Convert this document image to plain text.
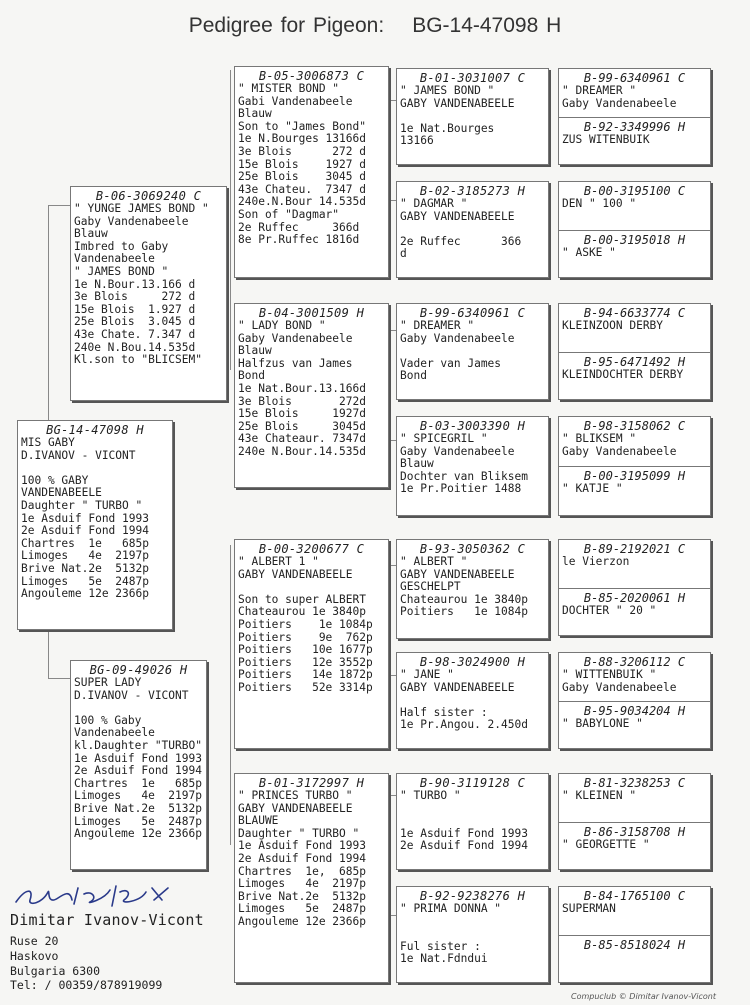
Pedigree for Pigeon: BG-14-47098 H
BG-14-47098 H
MIS GABY
D.IVANOV - VICONT

100 % GABY
VANDENABEELE
Daughter " TURBO "
1e Asduif Fond 1993
2e Asduif Fond 1994
Chartres  1e   685p
Limoges   4e  2197p
Brive Nat.2e  5132p
Limoges   5e  2487p
Angouleme 12e 2366p
B-06-3069240 C
" YUNGE JAMES BOND "
Gaby Vandenabeele
Blauw
Imbred to Gaby
Vandenabeele
" JAMES BOND "
1e N.Bour.13.166 d
3e Blois     272 d
15e Blois  1.927 d
25e Blois  3.045 d
43e Chate. 7.347 d
240e N.Bou.14.535d
Kl.son to "BLICSEM"
BG-09-49026 H
SUPER LADY
D.IVANOV - VICONT

100 % Gaby
Vandenabeele
kl.Daughter "TURBO"
1e Asduif Fond 1993
2e Asduif Fond 1994
Chartres  1e   685p
Limoges   4e  2197p
Brive Nat.2e  5132p
Limoges   5e  2487p
Angouleme 12e 2366p
B-05-3006873 C
" MISTER BOND "
Gabi Vandenabeele
Blauw
Son to "James Bond"
1e N.Bourges 13166d
3e Blois      272 d
15e Blois    1927 d
25e Blois    3045 d
43e Chateu.  7347 d
240e.N.Bour 14.535d
Son of "Dagmar"
2e Ruffec     366d
8e Pr.Ruffec 1816d
B-04-3001509 H
" LADY BOND "
Gaby Vandenabeele
Blauw
Halfzus van James
Bond
1e Nat.Bour.13.166d
3e Blois       272d
15e Blois     1927d
25e Blois     3045d
43e Chateaur. 7347d
240e N.Bour.14.535d
B-00-3200677 C
" ALBERT 1 "
GABY VANDENABEELE

Son to super ALBERT
Chateaurou 1e 3840p
Poitiers    1e 1084p
Poitiers    9e  762p
Poitiers   10e 1677p
Poitiers   12e 3552p
Poitiers   14e 1872p
Poitiers   52e 3314p
B-01-3172997 H
" PRINCES TURBO "
GABY VANDENABEELE
BLAUWE
Daughter " TURBO "
1e Asduif Fond 1993
2e Asduif Fond 1994
Chartres  1e,  685p
Limoges   4e  2197p
Brive Nat.2e  5132p
Limoges   5e  2487p
Angouleme 12e 2366p
B-01-3031007 C
" JAMES BOND "
GABY VANDENABEELE

1e Nat.Bourges
13166
B-02-3185273 H
" DAGMAR "
GABY VANDENABEELE

2e Ruffec      366
d
B-99-6340961 C
" DREAMER "
Gaby Vandenabeele

Vader van James
Bond
B-03-3003390 H
" SPICEGRIL "
Gaby Vandenabeele
Blauw
Dochter van Bliksem
1e Pr.Poitier 1488
B-93-3050362 C
" ALBERT "
GABY VANDENABEELE
GESCHELPT
Chateaurou 1e 3840p
Poitiers   1e 1084p
B-98-3024900 H
" JANE "
GABY VANDENABEELE

Half sister :
1e Pr.Angou. 2.450d
B-90-3119128 C
" TURBO "

1e Asduif Fond 1993
2e Asduif Fond 1994
B-92-9238276 H
" PRIMA DONNA "

Ful sister :
1e Nat.Fdndui
B-99-6340961 C
" DREAMER "
Gaby Vandenabeele
B-92-3349996 H
ZUS WITENBUIK
B-00-3195100 C
DEN " 100 "
B-00-3195018 H
" ASKE "
B-94-6633774 C
KLEINZOON DERBY
B-95-6471492 H
KLEINDOCHTER DERBY
B-98-3158062 C
" BLIKSEM "
Gaby Vandenabeele
B-00-3195099 H
" KATJE "
B-89-2192021 C
le Vierzon
B-85-2020061 H
DOCHTER " 20 "
B-88-3206112 C
" WITTENBUIK "
Gaby Vandenabeele
B-95-9034204 H
" BABYLONE "
B-81-3238253 C
" KLEINEN "
B-86-3158708 H
" GEORGETTE "
B-84-1765100 C
SUPERMAN
B-85-8518024 H
Dimitar Ivanov-Vicont
Ruse 20
Haskovo
Bulgaria 6300
Tel: / 00359/878919099
Compuclub © Dimitar Ivanov-Vicont
